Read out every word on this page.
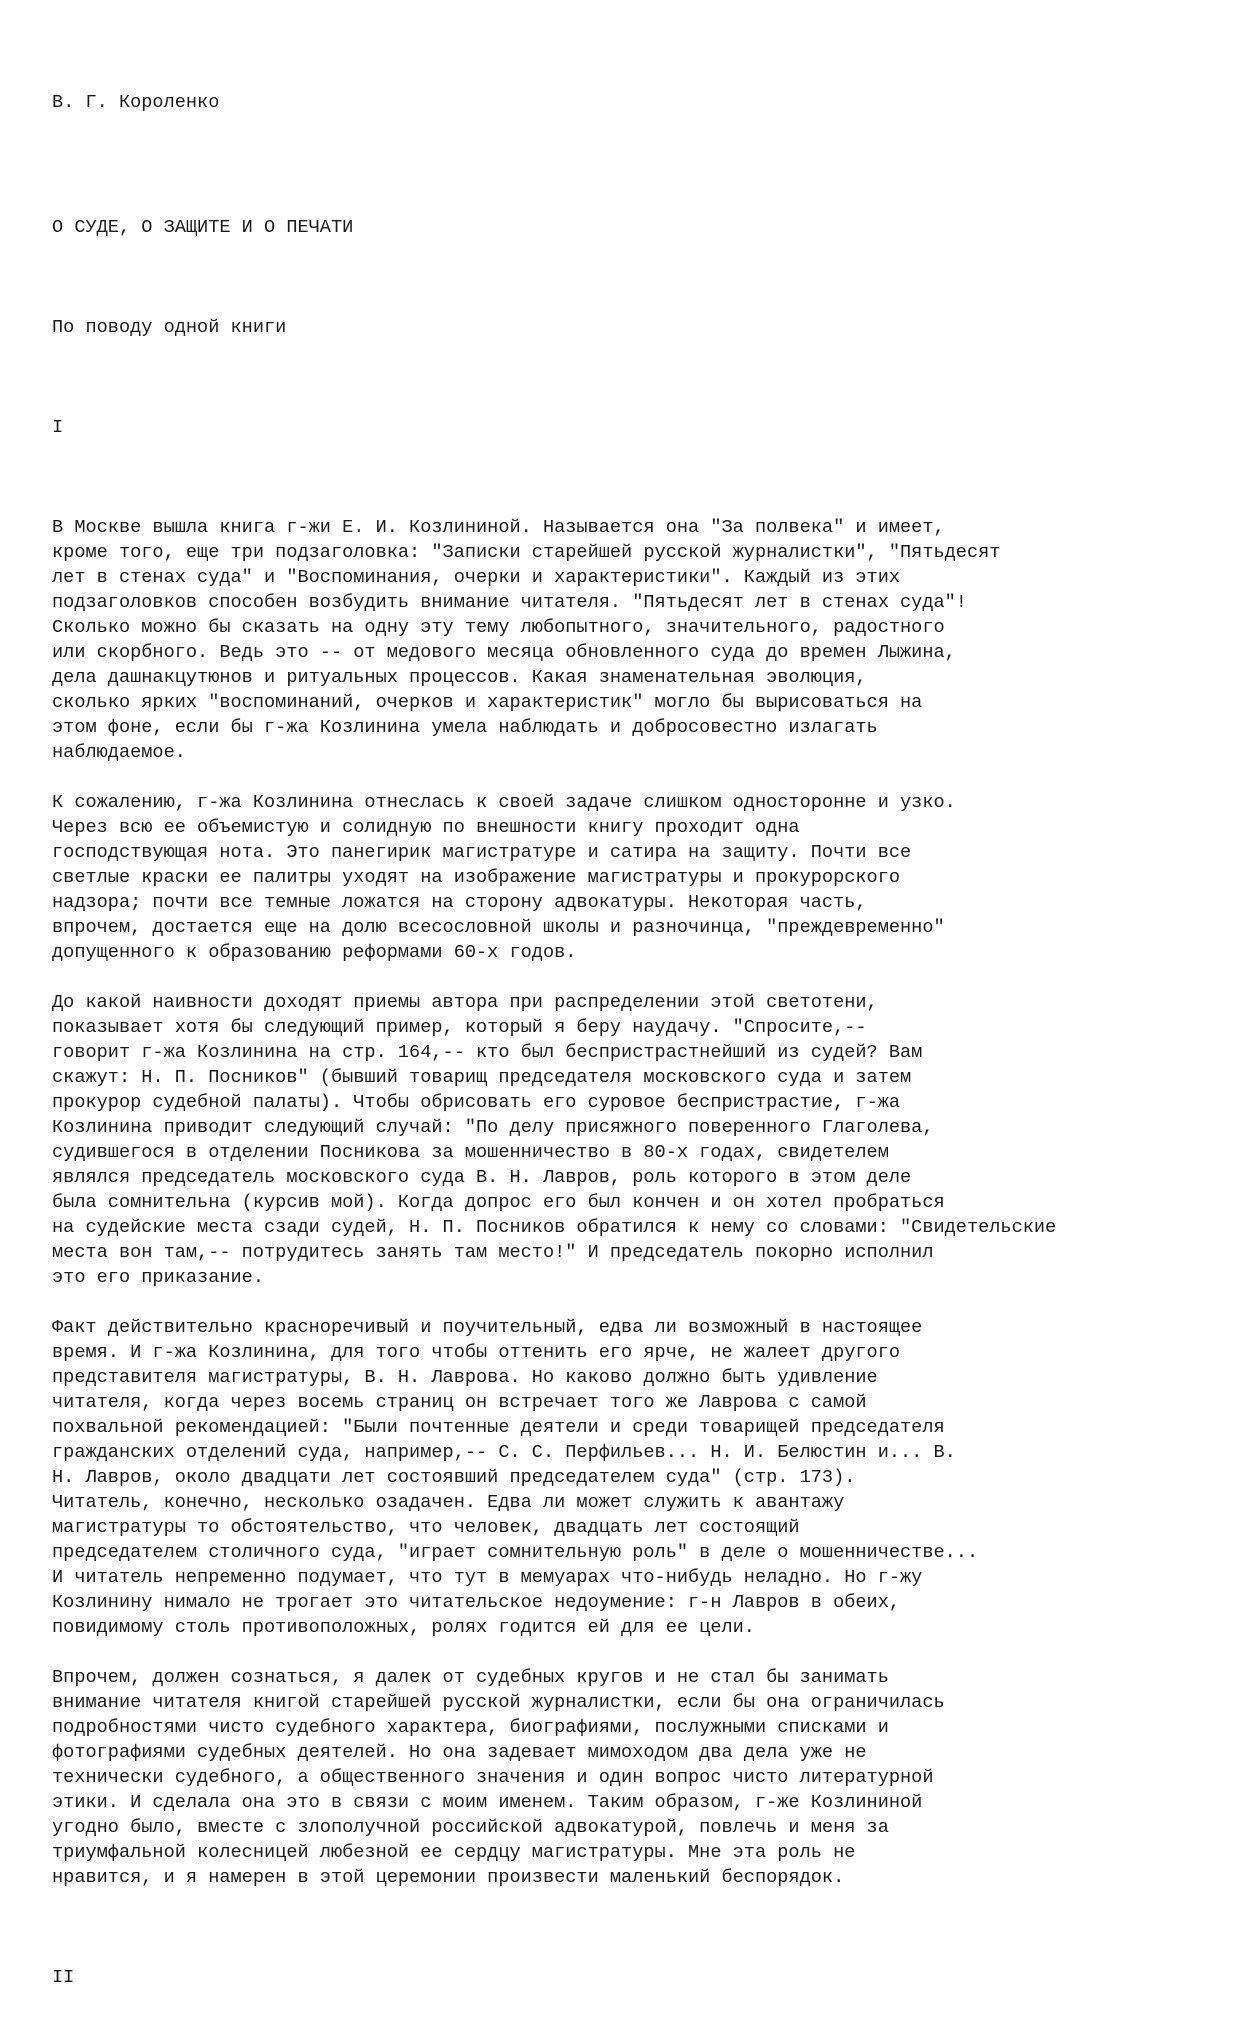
В. Г. Короленко

О СУДЕ, О ЗАЩИТЕ И О ПЕЧАТИ

По поводу одной книги

I

В Москве вышла книга г-жи Е. И. Козлининой. Называется она "За полвека" и имеет,
кроме того, еще три подзаголовка: "Записки старейшей русской журналистки", "Пятьдесят
лет в стенах суда" и "Воспоминания, очерки и характеристики". Каждый из этих
подзаголовков способен возбудить внимание читателя. "Пятьдесят лет в стенах суда"!
Сколько можно бы сказать на одну эту тему любопытного, значительного, радостного
или скорбного. Ведь это -- от медового месяца обновленного суда до времен Лыжина,
дела дашнакцутюнов и ритуальных процессов. Какая знаменательная эволюция,
сколько ярких "воспоминаний, очерков и характеристик" могло бы вырисоваться на
этом фоне, если бы г-жа Козлинина умела наблюдать и добросовестно излагать
наблюдаемое.
К сожалению, г-жа Козлинина отнеслась к своей задаче слишком односторонне и узко.
Через всю ее объемистую и солидную по внешности книгу проходит одна
господствующая нота. Это панегирик магистратуре и сатира на защиту. Почти все
светлые краски ее палитры уходят на изображение магистратуры и прокурорского
надзора; почти все темные ложатся на сторону адвокатуры. Некоторая часть,
впрочем, достается еще на долю всесословной школы и разночинца, "преждевременно"
допущенного к образованию реформами 60-х годов.
До какой наивности доходят приемы автора при распределении этой светотени,
показывает хотя бы следующий пример, который я беру наудачу. "Спросите,--
говорит г-жа Козлинина на стр. 164,-- кто был беспристрастнейший из судей? Вам
скажут: Н. П. Посников" (бывший товарищ председателя московского суда и затем
прокурор судебной палаты). Чтобы обрисовать его суровое беспристрастие, г-жа
Козлинина приводит следующий случай: "По делу присяжного поверенного Глаголева,
судившегося в отделении Посникова за мошенничество в 80-х годах, свидетелем
являлся председатель московского суда В. Н. Лавров, роль которого в этом деле
была сомнительна (курсив мой). Когда допрос его был кончен и он хотел пробраться
на судейские места сзади судей, Н. П. Посников обратился к нему со словами: "Свидетельские
места вон там,-- потрудитесь занять там место!" И председатель покорно исполнил
это его приказание.
Факт действительно красноречивый и поучительный, едва ли возможный в настоящее
время. И г-жа Козлинина, для того чтобы оттенить его ярче, не жалеет другого
представителя магистратуры, В. Н. Лаврова. Но каково должно быть удивление
читателя, когда через восемь страниц он встречает того же Лаврова с самой
похвальной рекомендацией: "Были почтенные деятели и среди товарищей председателя
гражданских отделений суда, например,-- С. С. Перфильев... Н. И. Белюстин и... В.
Н. Лавров, около двадцати лет состоявший председателем суда" (стр. 173).
Читатель, конечно, несколько озадачен. Едва ли может служить к авантажу
магистратуры то обстоятельство, что человек, двадцать лет состоящий
председателем столичного суда, "играет сомнительную роль" в деле о мошенничестве...
И читатель непременно подумает, что тут в мемуарах что-нибудь неладно. Но г-жу
Козлинину нимало не трогает это читательское недоумение: г-н Лавров в обеих,
повидимому столь противоположных, ролях годится ей для ее цели.
Впрочем, должен сознаться, я далек от судебных кругов и не стал бы занимать
внимание читателя книгой старейшей русской журналистки, если бы она ограничилась
подробностями чисто судебного характера, биографиями, послужными списками и
фотографиями судебных деятелей. Но она задевает мимоходом два дела уже не
технически судебного, а общественного значения и один вопрос чисто литературной
этики. И сделала она это в связи с моим именем. Таким образом, г-же Козлининой
угодно было, вместе с злополучной российской адвокатурой, повлечь и меня за
триумфальной колесницей любезной ее сердцу магистратуры. Мне эта роль не
нравится, и я намерен в этой церемонии произвести маленький беспорядок.

II
